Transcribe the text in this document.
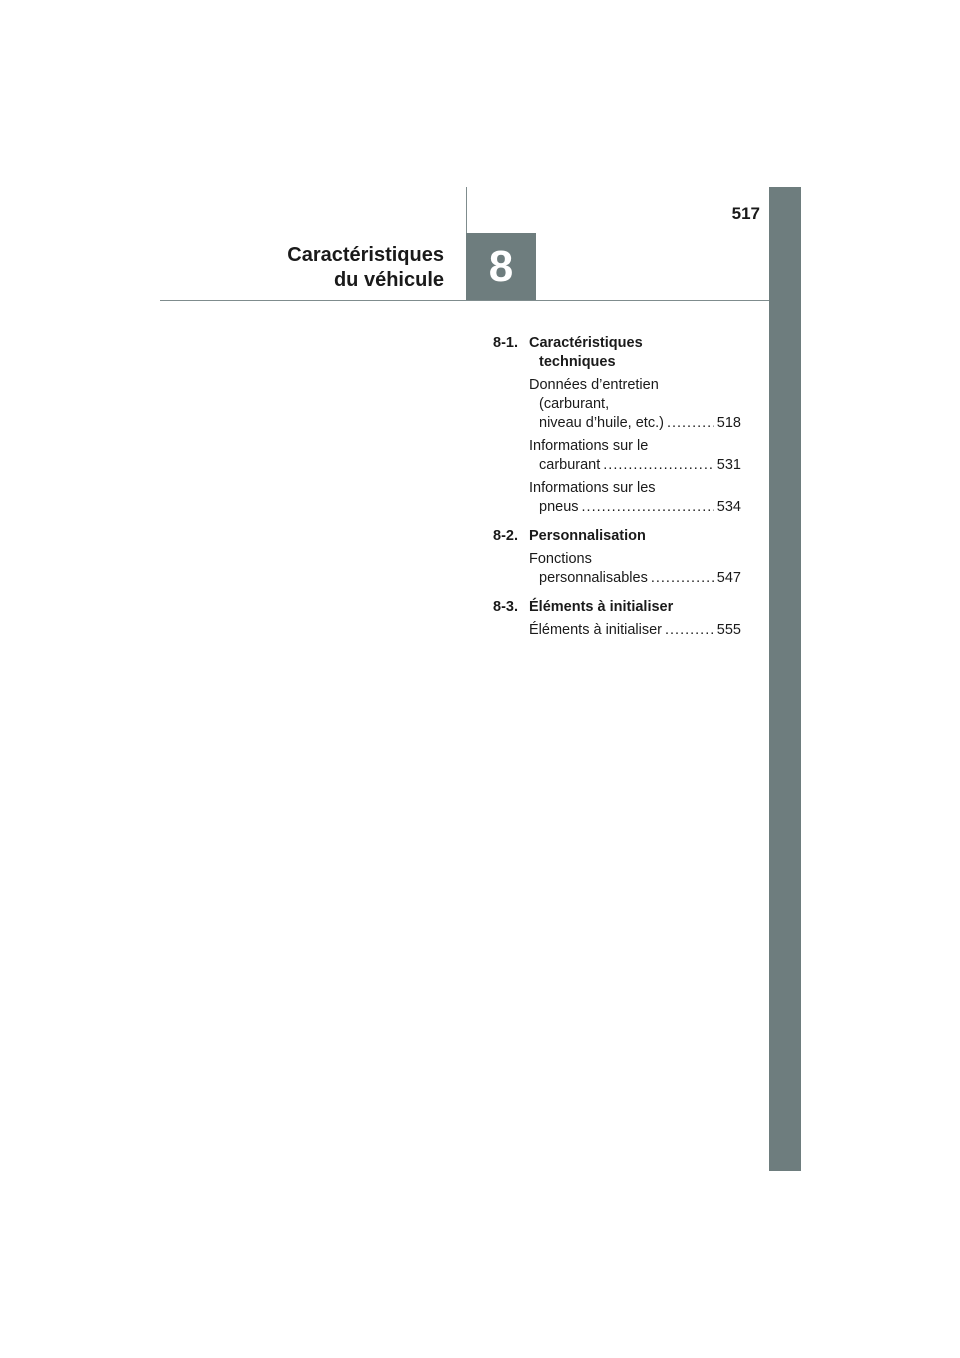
517
Caractéristiques
du véhicule 8
8-1. Caractéristiques
techniques
Données d’entretien
(carburant,
niveau d’huile, etc.) .....	518
Informations sur le
carburant .....	531
Informations sur les
pneus .....	534
8-2. Personnalisation
Fonctions
personnalisables .....	547
8-3. Éléments à initialiser
Éléments à initialiser .....	555
